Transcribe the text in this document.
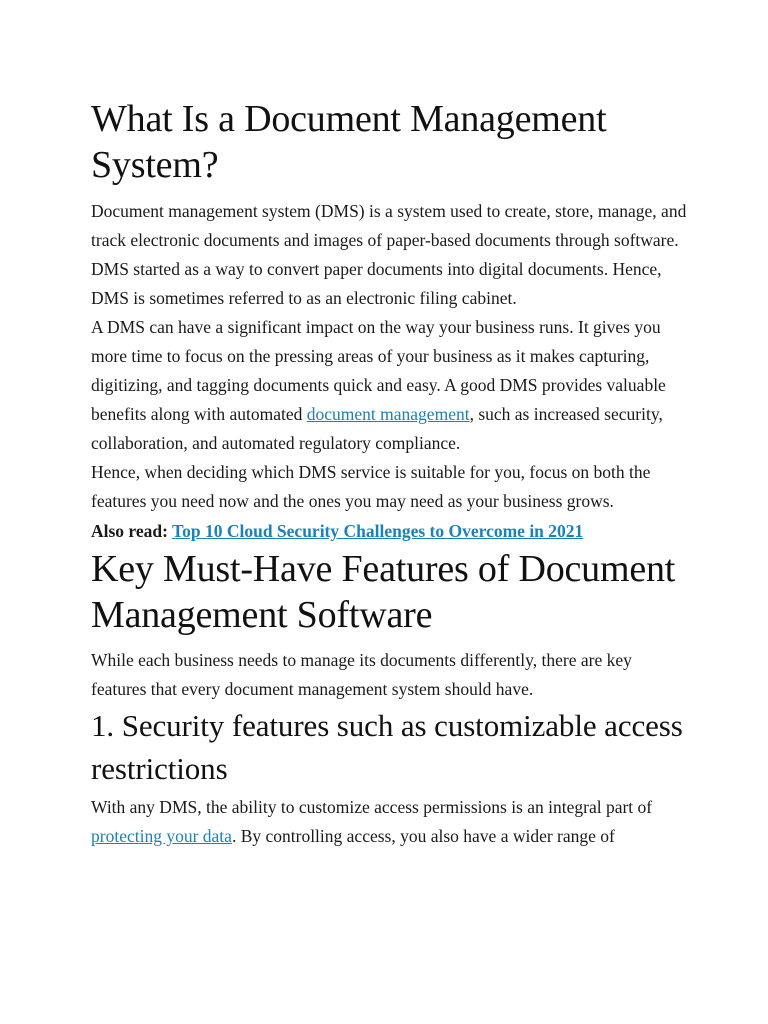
What Is a Document Management System?

Document management system (DMS) is a system used to create, store, manage, and track electronic documents and images of paper-based documents through software. DMS started as a way to convert paper documents into digital documents. Hence, DMS is sometimes referred to as an electronic filing cabinet.

A DMS can have a significant impact on the way your business runs. It gives you more time to focus on the pressing areas of your business as it makes capturing, digitizing, and tagging documents quick and easy. A good DMS provides valuable benefits along with automated document management, such as increased security, collaboration, and automated regulatory compliance.

Hence, when deciding which DMS service is suitable for you, focus on both the features you need now and the ones you may need as your business grows.

Also read: Top 10 Cloud Security Challenges to Overcome in 2021

Key Must-Have Features of Document Management Software

While each business needs to manage its documents differently, there are key features that every document management system should have.

1. Security features such as customizable access restrictions

With any DMS, the ability to customize access permissions is an integral part of protecting your data. By controlling access, you also have a wider range of
